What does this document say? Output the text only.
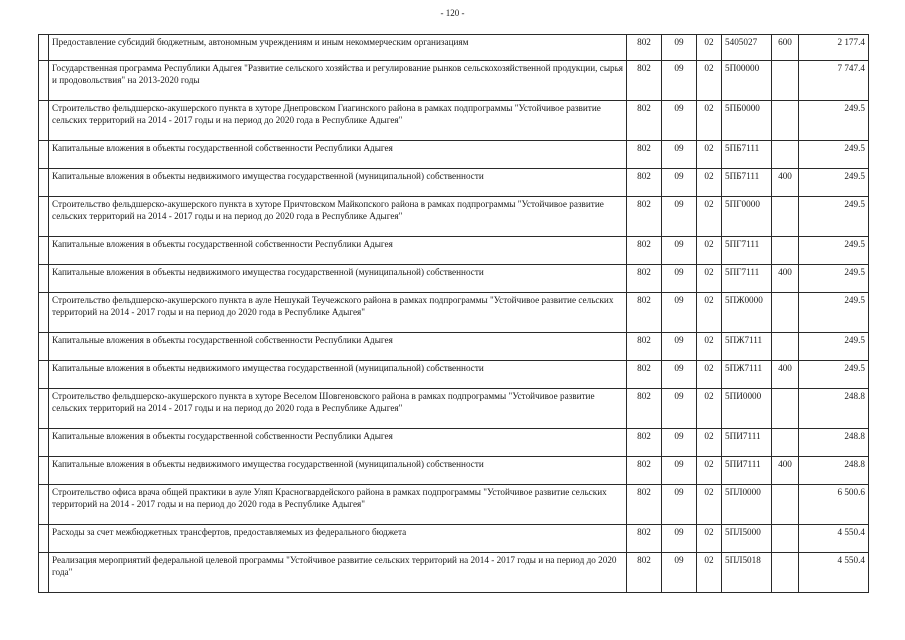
- 120 -
	Предоставление субсидий бюджетным, автономным учреждениям и иным некоммерческим организациям	802	09	02	5405027	600	2 177.4
	Государственная программа Республики Адыгея "Развитие сельского хозяйства и регулирование рынков сельскохозяйственной продукции, сырья и продовольствия" на 2013-2020 годы	802	09	02	5П00000		7 747.4
	Строительство фельдшерско-акушерского пункта в хуторе Днепровском Гиагинского района в рамках подпрограммы "Устойчивое развитие сельских территорий на 2014 - 2017 годы и на период до 2020 года в Республике Адыгея"	802	09	02	5ПБ0000		249.5
	Капитальные вложения в объекты государственной собственности Республики Адыгея	802	09	02	5ПБ7111		249.5
	Капитальные вложения в объекты недвижимого имущества государственной (муниципальной) собственности	802	09	02	5ПБ7111	400	249.5
	Строительство фельдшерско-акушерского пункта в хуторе Причтовском Майкопского района в рамках подпрограммы "Устойчивое развитие сельских территорий на 2014 - 2017 годы и на период до 2020 года в Республике Адыгея"	802	09	02	5ПГ0000		249.5
	Капитальные вложения в объекты государственной собственности Республики Адыгея	802	09	02	5ПГ7111		249.5
	Капитальные вложения в объекты недвижимого имущества государственной (муниципальной) собственности	802	09	02	5ПГ7111	400	249.5
	Строительство фельдшерско-акушерского пункта в ауле Нешукай Теучежского района в рамках подпрограммы "Устойчивое развитие сельских территорий на 2014 - 2017 годы и на период до 2020 года в Республике Адыгея"	802	09	02	5ПЖ0000		249.5
	Капитальные вложения в объекты государственной собственности Республики Адыгея	802	09	02	5ПЖ7111		249.5
	Капитальные вложения в объекты недвижимого имущества государственной (муниципальной) собственности	802	09	02	5ПЖ7111	400	249.5
	Строительство фельдшерско-акушерского пункта в хуторе Веселом Шовгеновского района в рамках подпрограммы "Устойчивое развитие сельских территорий на 2014 - 2017 годы и на период до 2020 года в Республике Адыгея"	802	09	02	5ПИ0000		248.8
	Капитальные вложения в объекты государственной собственности Республики Адыгея	802	09	02	5ПИ7111		248.8
	Капитальные вложения в объекты недвижимого имущества государственной (муниципальной) собственности	802	09	02	5ПИ7111	400	248.8
	Строительство офиса врача общей практики в ауле Уляп Красногвардейского района в рамках подпрограммы "Устойчивое развитие сельских территорий на 2014 - 2017 годы и на период до 2020 года в Республике Адыгея"	802	09	02	5ПЛ0000		6 500.6
	Расходы за счет межбюджетных трансфертов, предоставляемых из федерального бюджета	802	09	02	5ПЛ5000		4 550.4
	Реализация мероприятий федеральной целевой программы "Устойчивое развитие сельских территорий на 2014 - 2017 годы и на период до 2020 года"	802	09	02	5ПЛ5018		4 550.4
